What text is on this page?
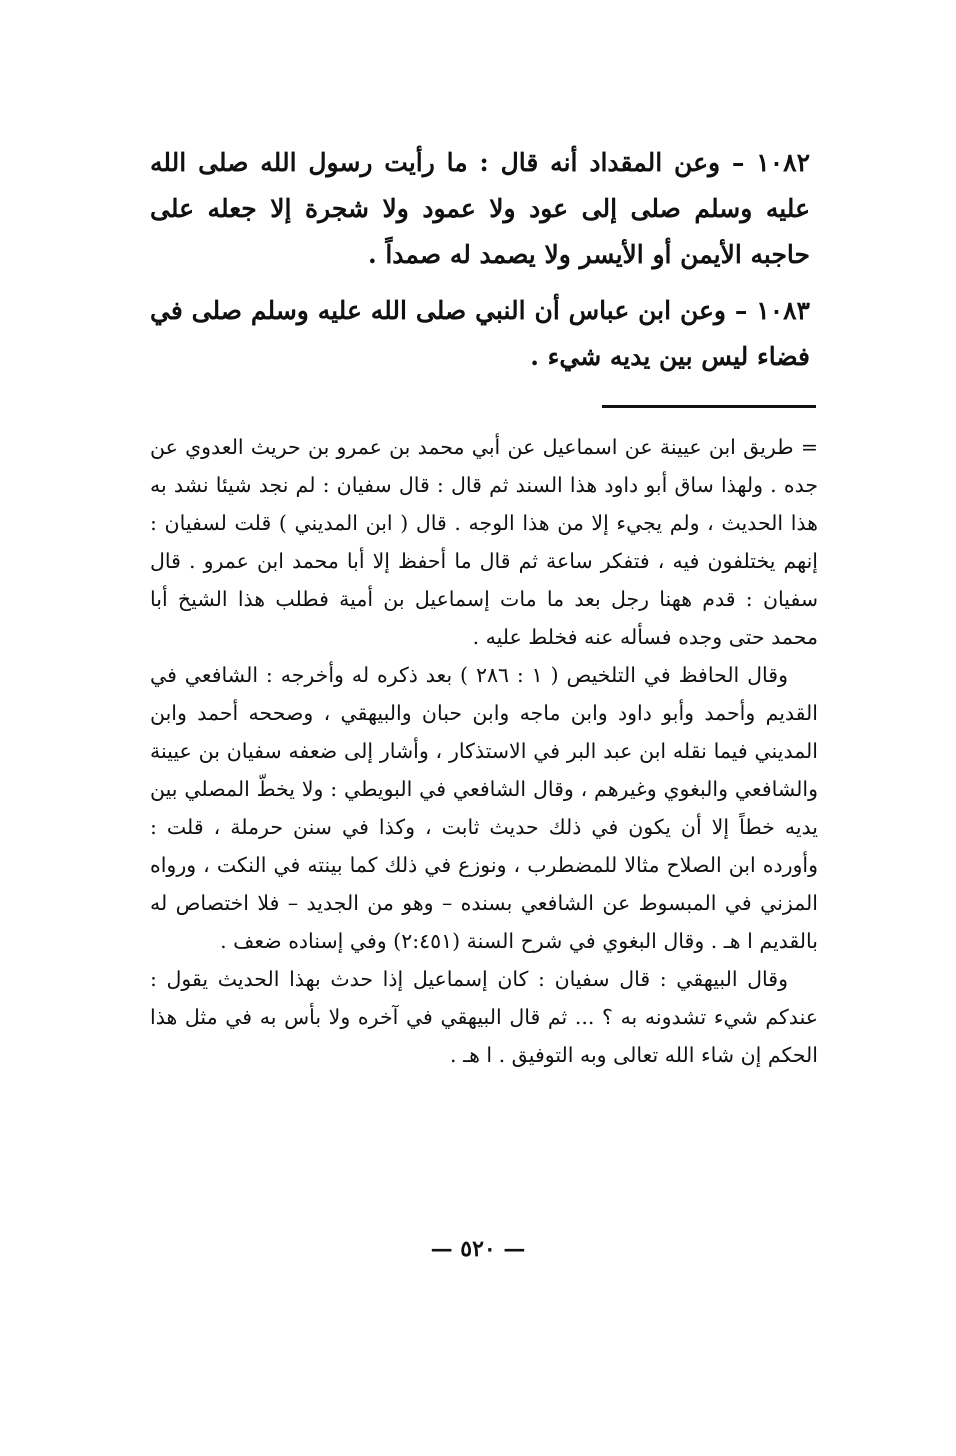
١٠٨٢ – وعن المقداد أنه قال : ما رأيت رسول الله صلى الله عليه وسلم صلى إلى عود ولا عمود ولا شجرة إلا جعله على حاجبه الأيمن أو الأيسر ولا يصمد له صمداً .

١٠٨٣ – وعن ابن عباس أن النبي صلى الله عليه وسلم صلى في فضاء ليس بين يديه شيء .

= طريق ابن عيينة عن اسماعيل عن أبي محمد بن عمرو بن حريث العدوي عن جده . ولهذا ساق أبو داود هذا السند ثم قال : قال سفيان : لم نجد شيئا نشد به هذا الحديث ، ولم يجيء إلا من هذا الوجه . قال ( ابن المديني ) قلت لسفيان : إنهم يختلفون فيه ، فتفكر ساعة ثم قال ما أحفظ إلا أبا محمد ابن عمرو . قال سفيان : قدم ههنا رجل بعد ما مات إسماعيل بن أمية فطلب هذا الشيخ أبا محمد حتى وجده فسأله عنه فخلط عليه .

وقال الحافظ في التلخيص ( ١ : ٢٨٦ ) بعد ذكره له وأخرجه : الشافعي في القديم وأحمد وأبو داود وابن ماجه وابن حبان والبيهقي ، وصححه أحمد وابن المديني فيما نقله ابن عبد البر في الاستذكار ، وأشار إلى ضعفه سفيان بن عيينة والشافعي والبغوي وغيرهم ، وقال الشافعي في البويطي : ولا يخطّ المصلي بين يديه خطاً إلا أن يكون في ذلك حديث ثابت ، وكذا في سنن حرملة ، قلت : وأورده ابن الصلاح مثالا للمضطرب ، ونوزع في ذلك كما بينته في النكت ، ورواه المزني في المبسوط عن الشافعي بسنده – وهو من الجديد – فلا اختصاص له بالقديم ا هـ . وقال البغوي في شرح السنة (٢:٤٥١) وفي إسناده ضعف .

وقال البيهقي : قال سفيان : كان إسماعيل إذا حدث بهذا الحديث يقول : عندكم شيء تشدونه به ؟ ... ثم قال البيهقي في آخره ولا بأس به في مثل هذا الحكم إن شاء الله تعالى وبه التوفيق . ا هـ .

— ٥٢٠ —
